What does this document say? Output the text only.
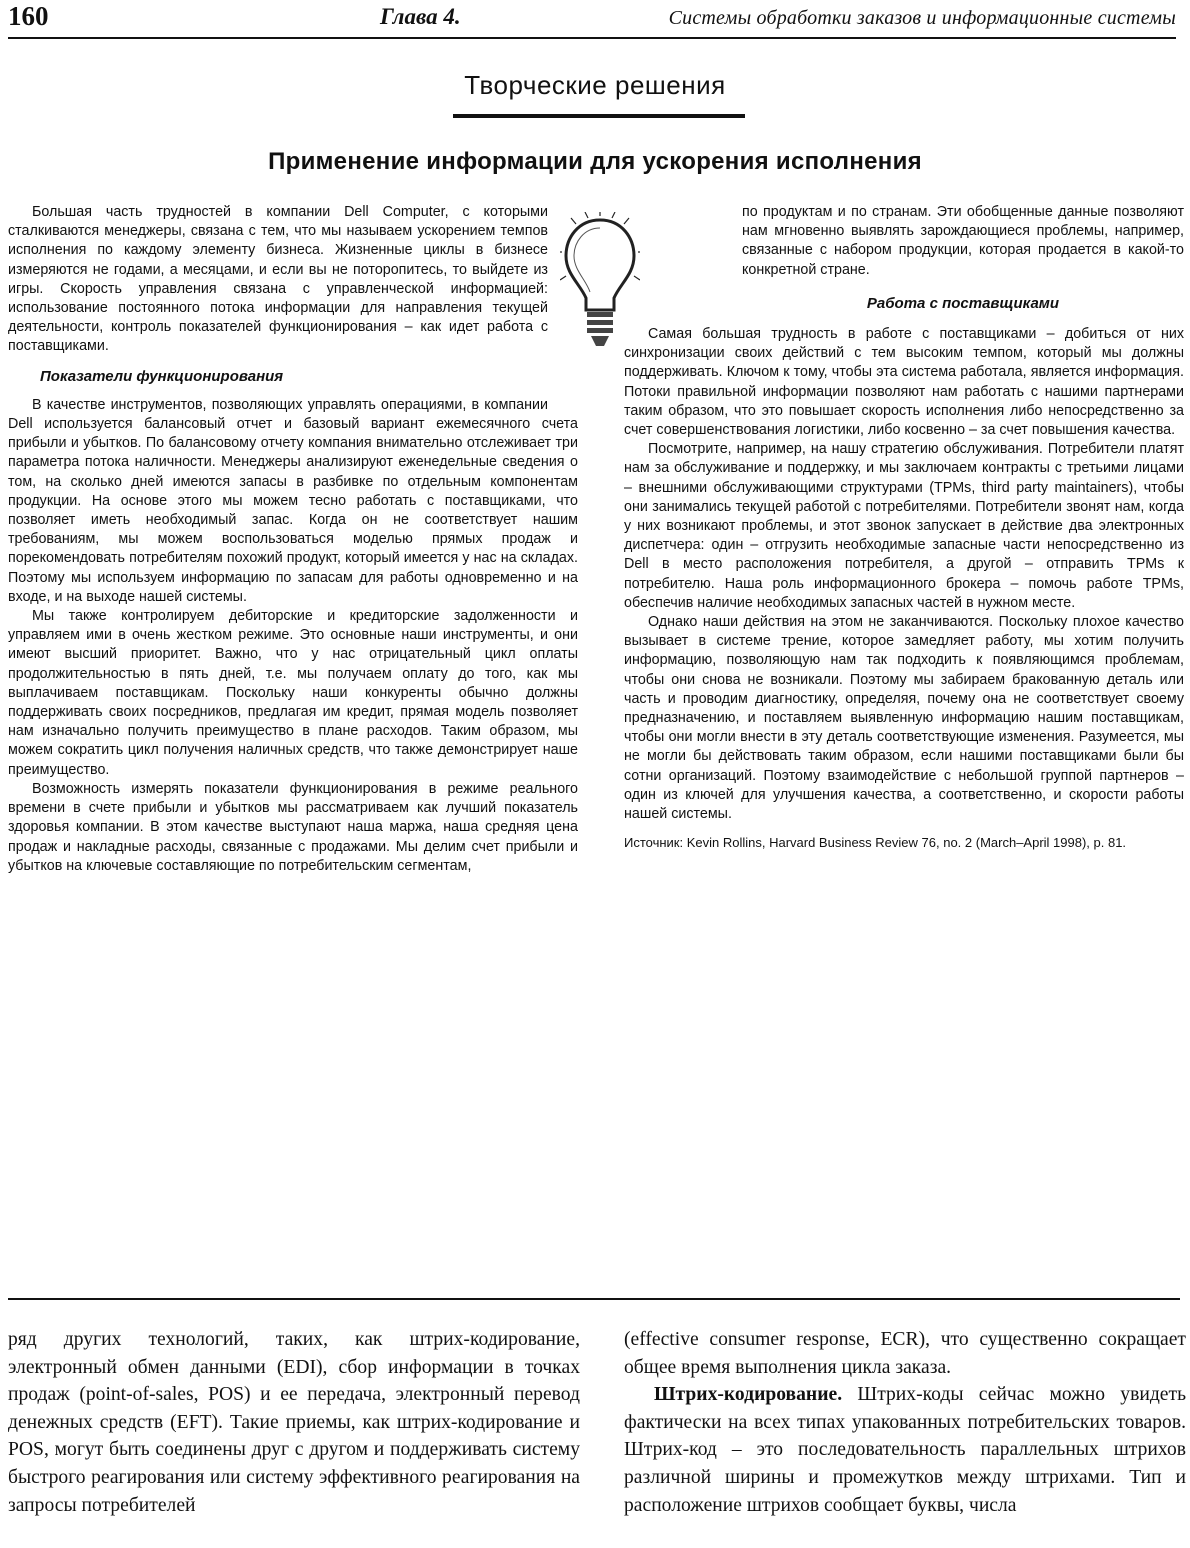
160	Глава 4.	Системы обработки заказов и информационные системы
Творческие решения
Применение информации для ускорения исполнения

Большая часть трудностей в компании Dell Computer, с которыми сталкиваются менеджеры, связана с тем, что мы называем ускорением темпов исполнения по каждому элементу бизнеса. Жизненные циклы в бизнесе измеряются не годами, а месяцами, и если вы не поторопитесь, то выйдете из игры. Скорость управления связана с управленческой информацией: использование постоянного потока информации для направления текущей деятельности, контроль показателей функционирования – как идет работа с поставщиками.

Показатели функционирования

В качестве инструментов, позволяющих управлять операциями, в компании Dell используется балансовый отчет и базовый вариант ежемесячного счета прибыли и убытков. По балансовому отчету компания внимательно отслеживает три параметра потока наличности. Менеджеры анализируют еженедельные сведения о том, на сколько дней имеются запасы в разбивке по отдельным компонентам продукции. На основе этого мы можем тесно работать с поставщиками, что позволяет иметь необходимый запас. Когда он не соответствует нашим требованиям, мы можем воспользоваться моделью прямых продаж и порекомендовать потребителям похожий продукт, который имеется у нас на складах. Поэтому мы используем информацию по запасам для работы одновременно и на входе, и на выходе нашей системы.

Мы также контролируем дебиторские и кредиторские задолженности и управляем ими в очень жестком режиме. Это основные наши инструменты, и они имеют высший приоритет. Важно, что у нас отрицательный цикл оплаты продолжительностью в пять дней, т.е. мы получаем оплату до того, как мы выплачиваем поставщикам. Поскольку наши конкуренты обычно должны поддерживать своих посредников, предлагая им кредит, прямая модель позволяет нам изначально получить преимущество в плане расходов. Таким образом, мы можем сократить цикл получения наличных средств, что также демонстрирует наше преимущество.

Возможность измерять показатели функционирования в режиме реального времени в счете прибыли и убытков мы рассматриваем как лучший показатель здоровья компании. В этом качестве выступают наша маржа, наша средняя цена продаж и накладные расходы, связанные с продажами. Мы делим счет прибыли и убытков на ключевые составляющие по потребительским сегментам,

по продуктам и по странам. Эти обобщенные данные позволяют нам мгновенно выявлять зарождающиеся проблемы, например, связанные с набором продукции, которая продается в какой-то конкретной стране.

Работа с поставщиками

Самая большая трудность в работе с поставщиками – добиться от них синхронизации своих действий с тем высоким темпом, который мы должны поддерживать. Ключом к тому, чтобы эта система работала, является информация. Потоки правильной информации позволяют нам работать с нашими партнерами таким образом, что это повышает скорость исполнения либо непосредственно за счет совершенствования логистики, либо косвенно – за счет повышения качества.

Посмотрите, например, на нашу стратегию обслуживания. Потребители платят нам за обслуживание и поддержку, и мы заключаем контракты с третьими лицами – внешними обслуживающими структурами (TPMs, third party maintainers), чтобы они занимались текущей работой с потребителями. Потребители звонят нам, когда у них возникают проблемы, и этот звонок запускает в действие два электронных диспетчера: один – отгрузить необходимые запасные части непосредственно из Dell в место расположения потребителя, а другой – отправить TPMs к потребителю. Наша роль информационного брокера – помочь работе TPMs, обеспечив наличие необходимых запасных частей в нужном месте.

Однако наши действия на этом не заканчиваются. Поскольку плохое качество вызывает в системе трение, которое замедляет работу, мы хотим получить информацию, позволяющую нам так подходить к появляющимся проблемам, чтобы они снова не возникали. Поэтому мы забираем бракованную деталь или часть и проводим диагностику, определяя, почему она не соответствует своему предназначению, и поставляем выявленную информацию нашим поставщикам, чтобы они могли внести в эту деталь соответствующие изменения. Разумеется, мы не могли бы действовать таким образом, если нашими поставщиками были бы сотни организаций. Поэтому взаимодействие с небольшой группой партнеров – один из ключей для улучшения качества, а соответственно, и скорости работы нашей системы.

Источник: Kevin Rollins, Harvard Business Review 76, no. 2 (March–April 1998), p. 81.

ряд других технологий, таких, как штрих-кодирование, электронный обмен данными (EDI), сбор информации в точках продаж (point-of-sales, POS) и ее передача, электронный перевод денежных средств (EFT). Такие приемы, как штрих-кодирование и POS, могут быть соединены друг с другом и поддерживать систему быстрого реагирования или систему эффективного реагирования на запросы потребителей

(effective consumer response, ECR), что существенно сокращает общее время выполнения цикла заказа.

Штрих-кодирование. Штрих-коды сейчас можно увидеть фактически на всех типах упакованных потребительских товаров. Штрих-код – это последовательность параллельных штрихов различной ширины и промежутков между штрихами. Тип и расположение штрихов сообщает буквы, числа
